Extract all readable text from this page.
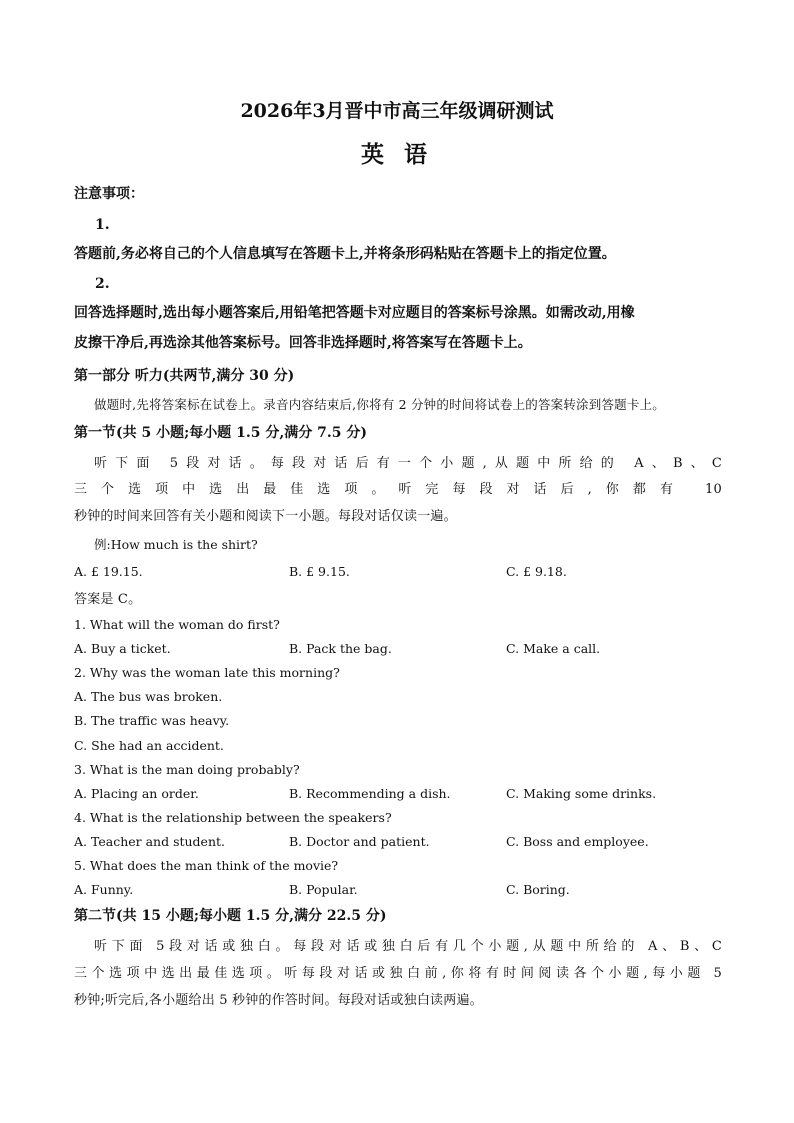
2026年3月晋中市高三年级调研测试
英 语
注意事项：
1.
答题前,务必将自己的个人信息填写在答题卡上,并将条形码粘贴在答题卡上的指定位置。
2.
回答选择题时,选出每小题答案后,用铅笔把答题卡对应题目的答案标号涂黑。如需改动,用橡
皮擦干净后,再选涂其他答案标号。回答非选择题时,将答案写在答题卡上。
第一部分 听力(共两节,满分 30 分)
做题时,先将答案标在试卷上。录音内容结束后,你将有 2 分钟的时间将试卷上的答案转涂到答题卡上。
第一节(共 5 小题;每小题 1.5 分,满分 7.5 分)
听下面 5段对话。每段对话后有一个小题,从题中所给的 A、B、C
三个选项中选出最佳选项。听完每段对话后,你都有 10
秒钟的时间来回答有关小题和阅读下一小题。每段对话仅读一遍。
例:How much is the shirt?
A. £ 19.15.	B. £ 9.15.	C. £ 9.18.
答案是 C。
1. What will the woman do first?
A. Buy a ticket.	B. Pack the bag.	C. Make a call.
2. Why was the woman late this morning?
A. The bus was broken.
B. The traffic was heavy.
C. She had an accident.
3. What is the man doing probably?
A. Placing an order.	B. Recommending a dish.	C. Making some drinks.
4. What is the relationship between the speakers?
A. Teacher and student.	B. Doctor and patient.	C. Boss and employee.
5. What does the man think of the movie?
A. Funny.	B. Popular.	C. Boring.
第二节(共 15 小题;每小题 1.5 分,满分 22.5 分)
听下面 5段对话或独白。每段对话或独白后有几个小题,从题中所给的 A、B、C
三个选项中选出最佳选项。听每段对话或独白前,你将有时间阅读各个小题,每小题 5
秒钟;听完后,各小题给出 5 秒钟的作答时间。每段对话或独白读两遍。
